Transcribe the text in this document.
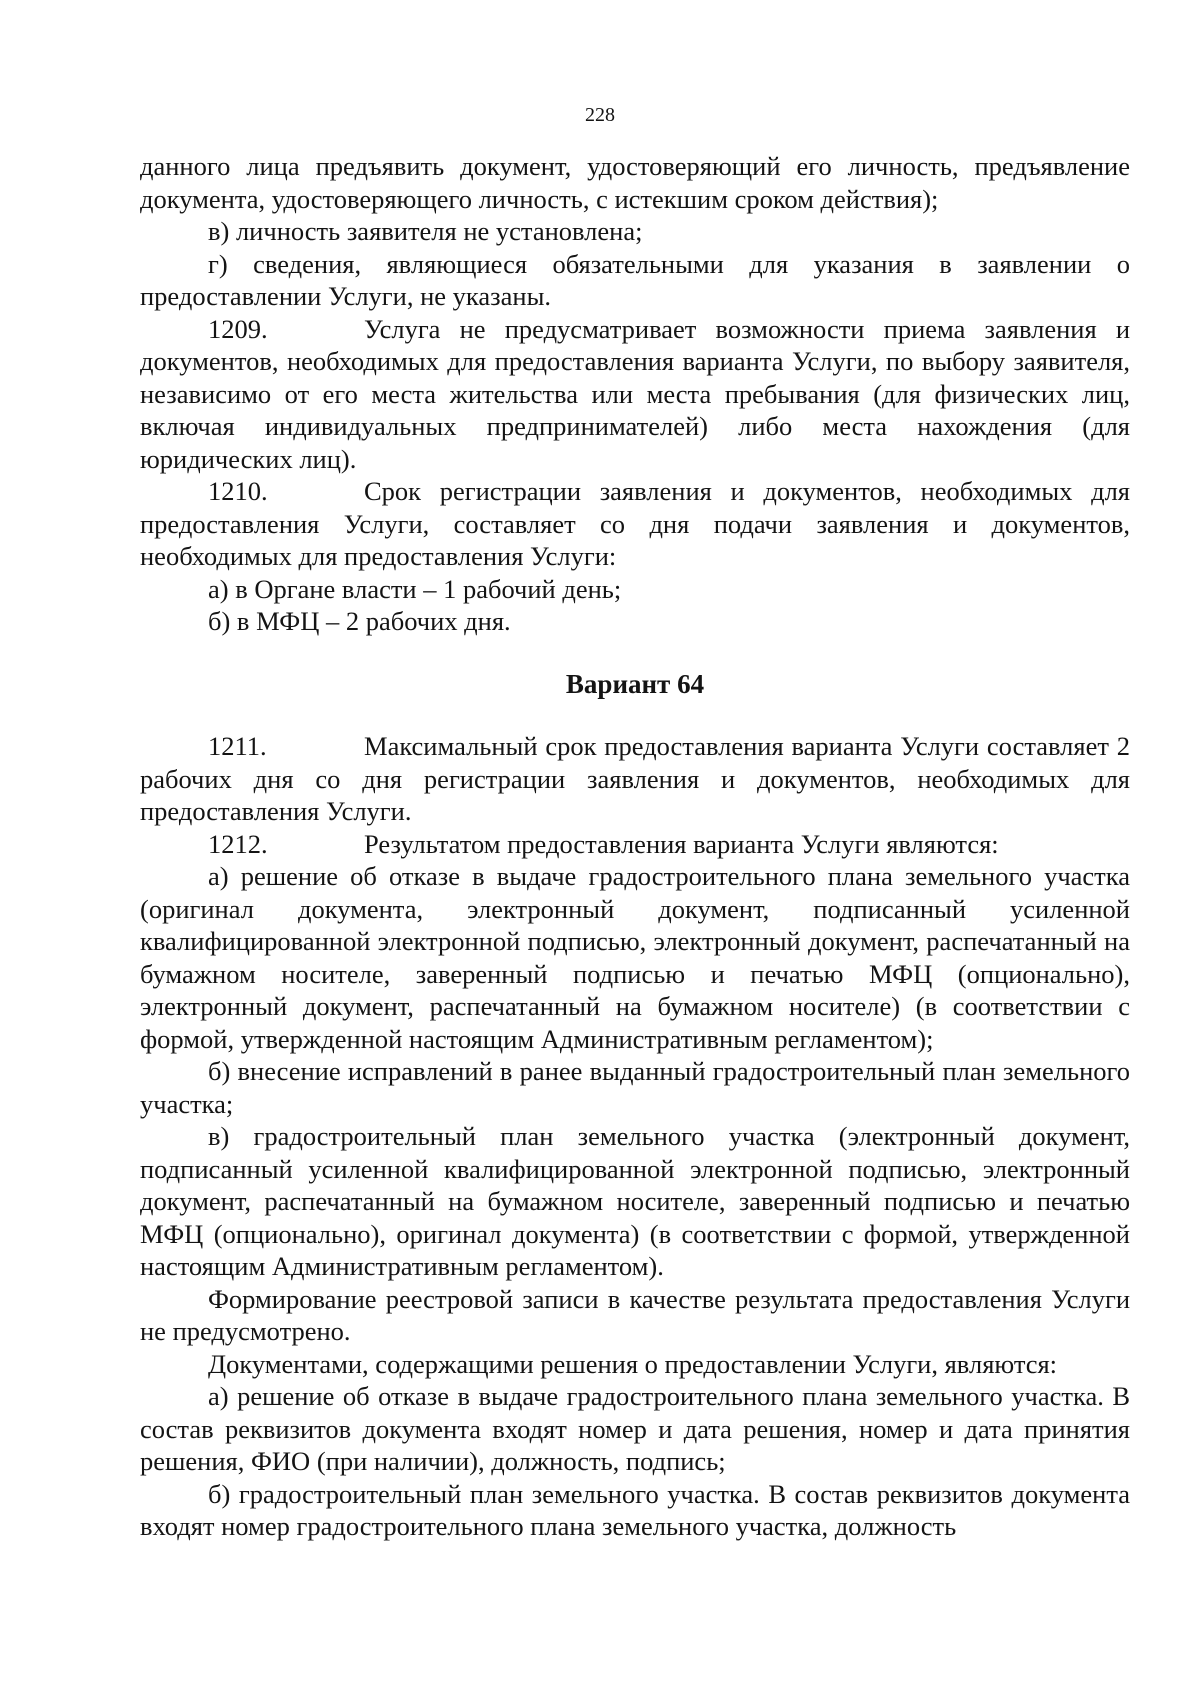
228

данного лица предъявить документ, удостоверяющий его личность, предъявление документа, удостоверяющего личность, с истекшим сроком действия);

в) личность заявителя не установлена;

г) сведения, являющиеся обязательными для указания в заявлении о предоставлении Услуги, не указаны.

1209.	Услуга не предусматривает возможности приема заявления и документов, необходимых для предоставления варианта Услуги, по выбору заявителя, независимо от его места жительства или места пребывания (для физических лиц, включая индивидуальных предпринимателей) либо места нахождения (для юридических лиц).

1210.	Срок регистрации заявления и документов, необходимых для предоставления Услуги, составляет со дня подачи заявления и документов, необходимых для предоставления Услуги:

а) в Органе власти – 1 рабочий день;

б) в МФЦ – 2 рабочих дня.

Вариант 64

1211.	Максимальный срок предоставления варианта Услуги составляет 2 рабочих дня со дня регистрации заявления и документов, необходимых для предоставления Услуги.

1212.	Результатом предоставления варианта Услуги являются:

а) решение об отказе в выдаче градостроительного плана земельного участка (оригинал документа, электронный документ, подписанный усиленной квалифицированной электронной подписью, электронный документ, распечатанный на бумажном носителе, заверенный подписью и печатью МФЦ (опционально), электронный документ, распечатанный на бумажном носителе) (в соответствии с формой, утвержденной настоящим Административным регламентом);

б) внесение исправлений в ранее выданный градостроительный план земельного участка;

в) градостроительный план земельного участка (электронный документ, подписанный усиленной квалифицированной электронной подписью, электронный документ, распечатанный на бумажном носителе, заверенный подписью и печатью МФЦ (опционально), оригинал документа) (в соответствии с формой, утвержденной настоящим Административным регламентом).

Формирование реестровой записи в качестве результата предоставления Услуги не предусмотрено.

Документами, содержащими решения о предоставлении Услуги, являются:

а) решение об отказе в выдаче градостроительного плана земельного участка. В состав реквизитов документа входят номер и дата решения, номер и дата принятия решения, ФИО (при наличии), должность, подпись;

б) градостроительный план земельного участка. В состав реквизитов документа входят номер градостроительного плана земельного участка, должность
